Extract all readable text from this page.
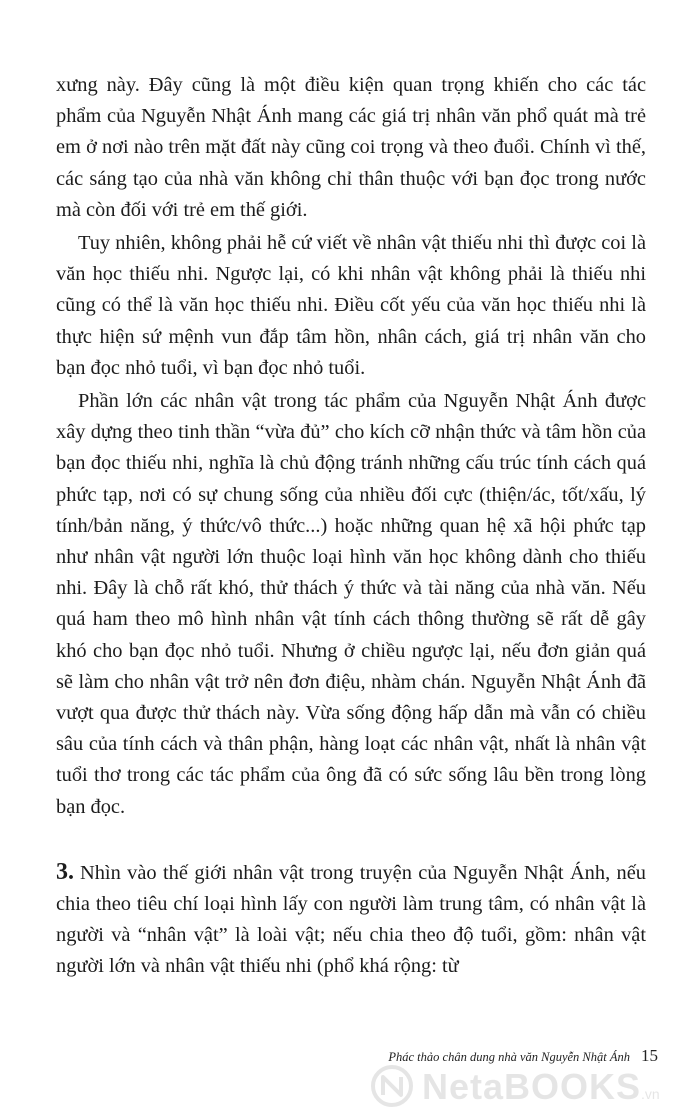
xưng này. Đây cũng là một điều kiện quan trọng khiến cho các tác phẩm của Nguyễn Nhật Ánh mang các giá trị nhân văn phổ quát mà trẻ em ở nơi nào trên mặt đất này cũng coi trọng và theo đuổi. Chính vì thế, các sáng tạo của nhà văn không chỉ thân thuộc với bạn đọc trong nước mà còn đối với trẻ em thế giới.

Tuy nhiên, không phải hễ cứ viết về nhân vật thiếu nhi thì được coi là văn học thiếu nhi. Ngược lại, có khi nhân vật không phải là thiếu nhi cũng có thể là văn học thiếu nhi. Điều cốt yếu của văn học thiếu nhi là thực hiện sứ mệnh vun đắp tâm hồn, nhân cách, giá trị nhân văn cho bạn đọc nhỏ tuổi, vì bạn đọc nhỏ tuổi.

Phần lớn các nhân vật trong tác phẩm của Nguyễn Nhật Ánh được xây dựng theo tinh thần “vừa đủ” cho kích cỡ nhận thức và tâm hồn của bạn đọc thiếu nhi, nghĩa là chủ động tránh những cấu trúc tính cách quá phức tạp, nơi có sự chung sống của nhiều đối cực (thiện/ác, tốt/xấu, lý tính/bản năng, ý thức/vô thức...) hoặc những quan hệ xã hội phức tạp như nhân vật người lớn thuộc loại hình văn học không dành cho thiếu nhi. Đây là chỗ rất khó, thử thách ý thức và tài năng của nhà văn. Nếu quá ham theo mô hình nhân vật tính cách thông thường sẽ rất dễ gây khó cho bạn đọc nhỏ tuổi. Nhưng ở chiều ngược lại, nếu đơn giản quá sẽ làm cho nhân vật trở nên đơn điệu, nhàm chán. Nguyễn Nhật Ánh đã vượt qua được thử thách này. Vừa sống động hấp dẫn mà vẫn có chiều sâu của tính cách và thân phận, hàng loạt các nhân vật, nhất là nhân vật tuổi thơ trong các tác phẩm của ông đã có sức sống lâu bền trong lòng bạn đọc.

3. Nhìn vào thế giới nhân vật trong truyện của Nguyễn Nhật Ánh, nếu chia theo tiêu chí loại hình lấy con người làm trung tâm, có nhân vật là người và “nhân vật” là loài vật; nếu chia theo độ tuổi, gồm: nhân vật người lớn và nhân vật thiếu nhi (phổ khá rộng: từ

Phác thảo chân dung nhà văn Nguyễn Nhật Ánh 15
NetaBOOKS.vn
